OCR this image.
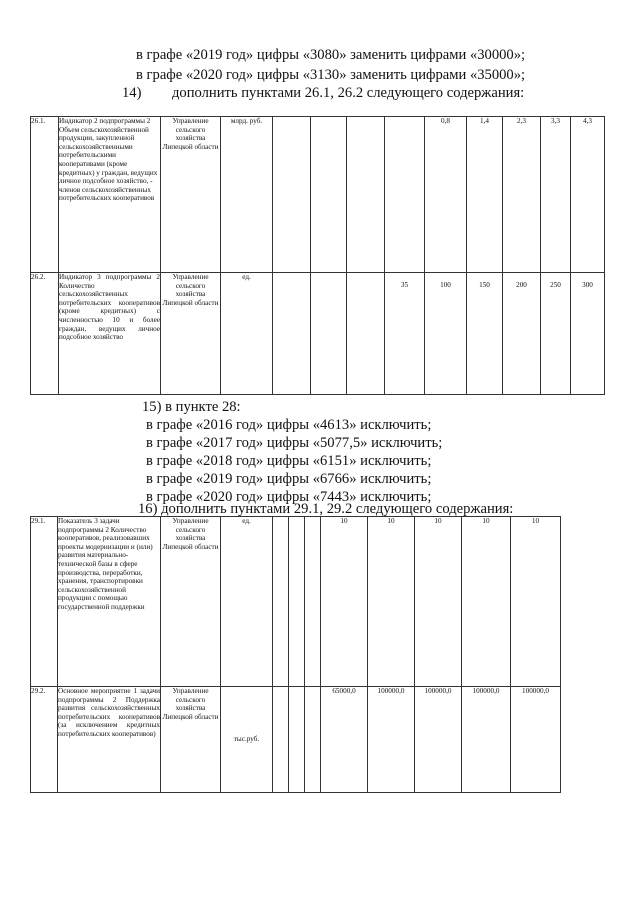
в графе «2019 год» цифры «3080» заменить цифрами «30000»;
в графе «2020 год» цифры «3130» заменить цифрами «35000»;
14) дополнить пунктами 26.1, 26.2 следующего содержания:
26.1.	Индикатор 2 подпрограммы 2 Объем сельскохозяйственной продукции, закупленной сельскохозяйственными потребительскими кооперативами (кроме кредитных) у граждан, ведущих личное подсобное хозяйство, - членов сельскохозяйственных потребительских кооперативов	Управление сельского хозяйства Липецкой области	млрд. руб.					0,8	1,4	2,3	3,3	4,3
26.2.	Индикатор 3 подпрограммы 2 Количество сельскохозяйственных потребительских кооперативов (кроме кредитных) с численностью 10 и более граждан, ведущих личное подсобное хозяйство	Управление сельского хозяйства Липецкой области	ед.				35	100	150	200	250	300
15) в пункте 28:
в графе «2016 год» цифры «4613» исключить;
в графе «2017 год» цифры «5077,5» исключить;
в графе «2018 год» цифры «6151» исключить;
в графе «2019 год» цифры «6766» исключить;
в графе «2020 год» цифры «7443» исключить;
16) дополнить пунктами 29.1, 29.2 следующего содержания:
29.1.	Показатель 3 задачи подпрограммы 2 Количество кооперативов, реализовавших проекты модернизации и (или) развития материально-технической базы в сфере производства, переработки, хранения, транспортировки сельскохозяйственной продукции с помощью государственной поддержки	Управление сельского хозяйства Липецкой области	ед.				10	10	10	10	10
29.2.	Основное мероприятие 1 задачи подпрограммы 2 Поддержка развития сельскохозяйственных потребительских кооперативов (за исключением кредитных потребительских кооперативов)	Управление сельского хозяйства Липецкой области	тыс.руб.				65000,0	100000,0	100000,0	100000,0	100000,0
